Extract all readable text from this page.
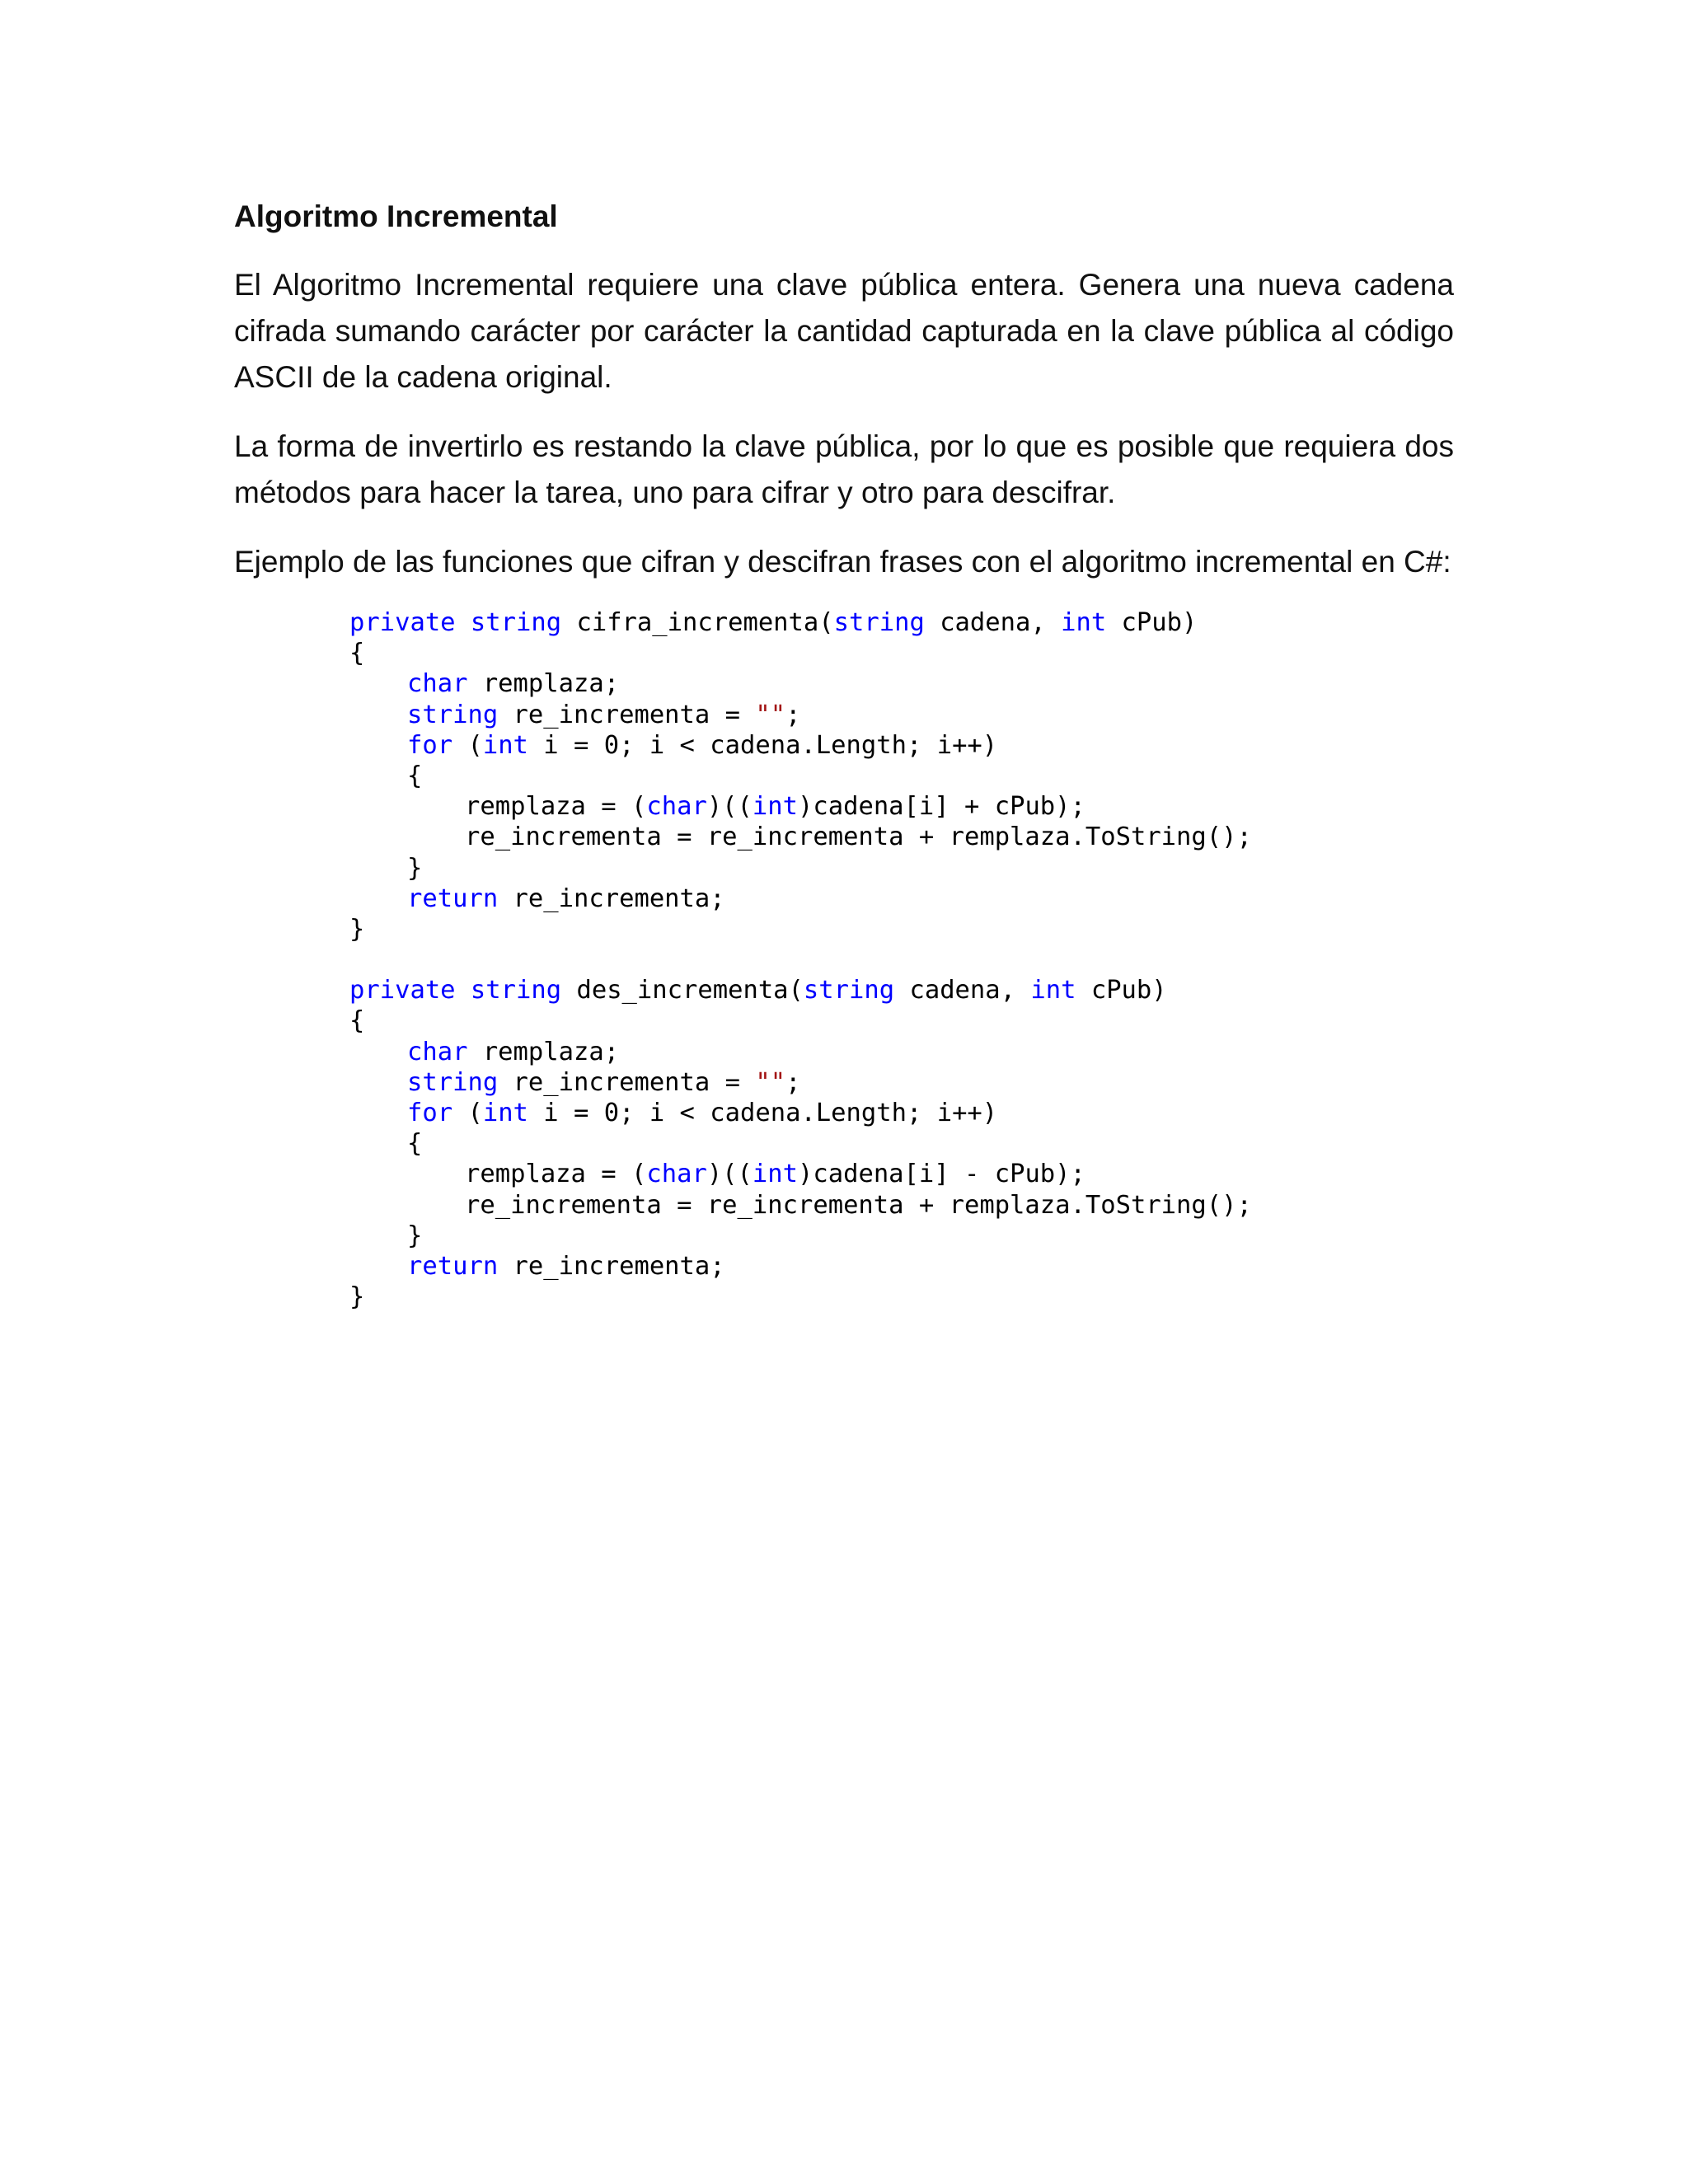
Algoritmo Incremental

El Algoritmo Incremental requiere una clave pública entera. Genera una nueva cadena cifrada sumando carácter por carácter la cantidad capturada en la clave pública al código ASCII de la cadena original.

La forma de invertirlo es restando la clave pública, por lo que es posible que requiera dos métodos para hacer la tarea, uno para cifrar y otro para descifrar.

Ejemplo de las funciones que cifran y descifran frases con el algoritmo incremental en C#:

private string cifra_incrementa(string cadena, int cPub)
{
char remplaza;
string re_incrementa = "";
for (int i = 0; i < cadena.Length; i++)
{
remplaza = (char)((int)cadena[i] + cPub);
re_incrementa = re_incrementa + remplaza.ToString();
}
return re_incrementa;
}

private string des_incrementa(string cadena, int cPub)
{
char remplaza;
string re_incrementa = "";
for (int i = 0; i < cadena.Length; i++)
{
remplaza = (char)((int)cadena[i] - cPub);
re_incrementa = re_incrementa + remplaza.ToString();
}
return re_incrementa;
}
